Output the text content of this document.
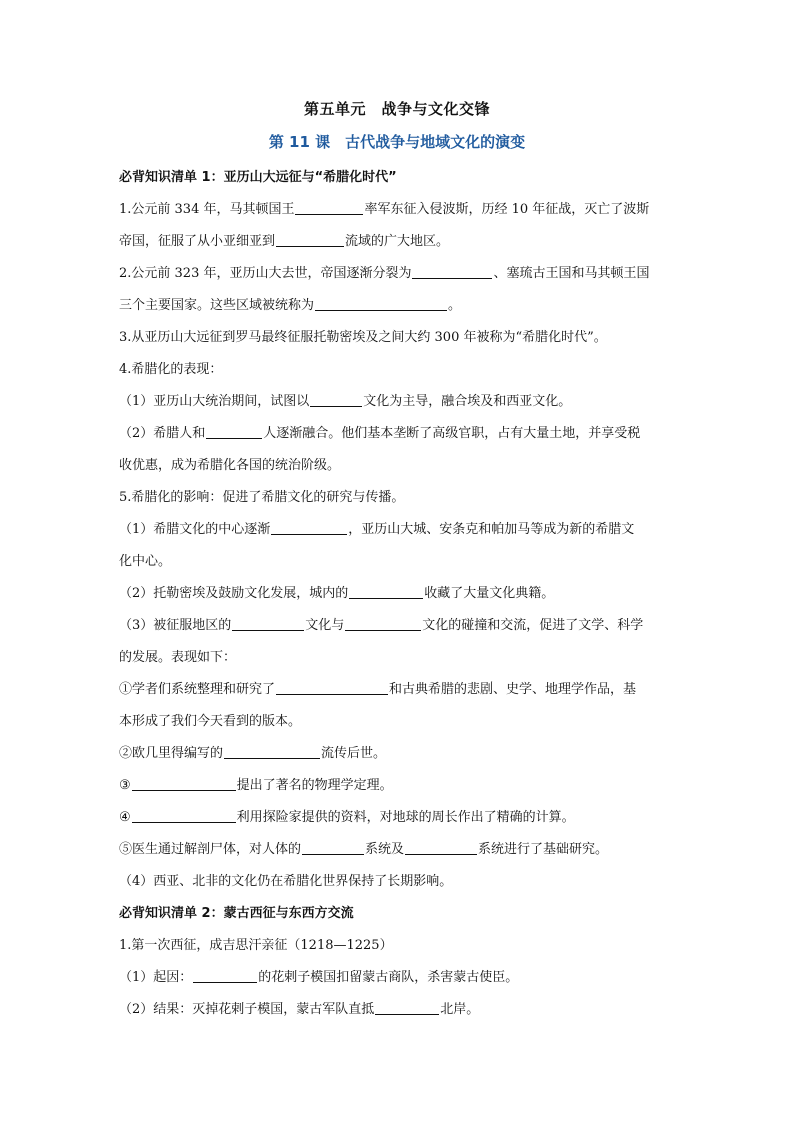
第五单元　战争与文化交锋
第 11 课　古代战争与地域文化的演变
必背知识清单 1：亚历山大远征与“希腊化时代”
1.公元前 334 年，马其顿国王	率军东征入侵波斯，历经 10 年征战，灭亡了波斯
帝国，征服了从小亚细亚到	流域的广大地区。
2.公元前 323 年，亚历山大去世，帝国逐渐分裂为	、塞琉古王国和马其顿王国
三个主要国家。这些区域被统称为	。
3.从亚历山大远征到罗马最终征服托勒密埃及之间大约 300 年被称为“希腊化时代”。
4.希腊化的表现：
（1）亚历山大统治期间，试图以	文化为主导，融合埃及和西亚文化。
（2）希腊人和	人逐渐融合。他们基本垄断了高级官职，占有大量土地，并享受税
收优惠，成为希腊化各国的统治阶级。
5.希腊化的影响：促进了希腊文化的研究与传播。
（1）希腊文化的中心逐渐	，亚历山大城、安条克和帕加马等成为新的希腊文
化中心。
（2）托勒密埃及鼓励文化发展，城内的	收藏了大量文化典籍。
（3）被征服地区的	文化与	文化的碰撞和交流，促进了文学、科学
的发展。表现如下：
①学者们系统整理和研究了	和古典希腊的悲剧、史学、地理学作品，基
本形成了我们今天看到的版本。
②欧几里得编写的	流传后世。
③	提出了著名的物理学定理。
④	利用探险家提供的资料，对地球的周长作出了精确的计算。
⑤医生通过解剖尸体，对人体的	系统及	系统进行了基础研究。
（4）西亚、北非的文化仍在希腊化世界保持了长期影响。
必背知识清单 2：蒙古西征与东西方交流
1.第一次西征，成吉思汗亲征（1218—1225）
（1）起因：	的花剌子模国扣留蒙古商队，杀害蒙古使臣。
（2）结果：灭掉花剌子模国，蒙古军队直抵	北岸。
